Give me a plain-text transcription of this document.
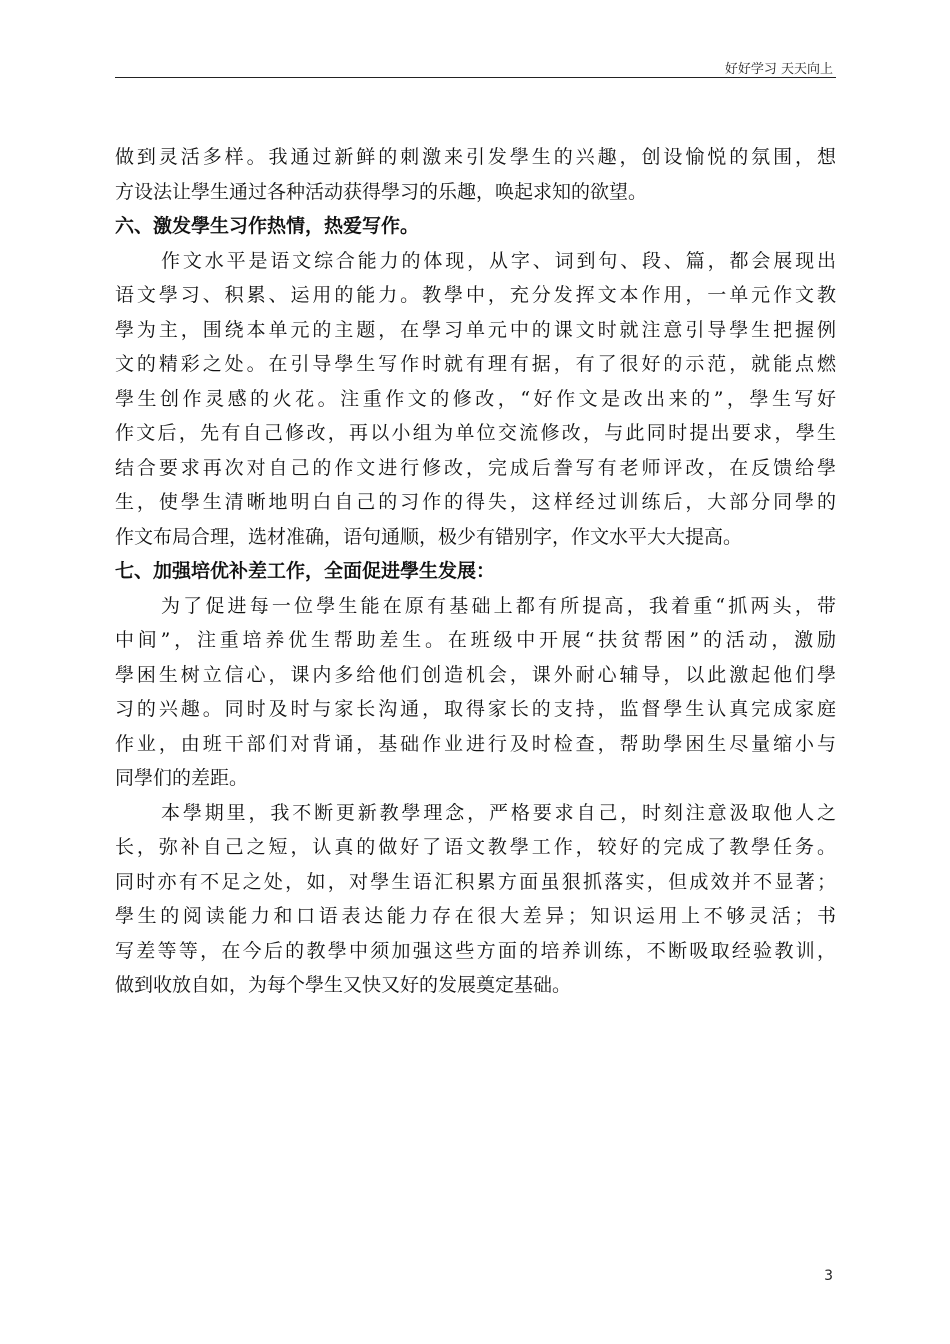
好好学习 天天向上
做到灵活多样。我通过新鲜的刺激来引发學生的兴趣，创设愉悦的氛围，想
方设法让學生通过各种活动获得學习的乐趣，唤起求知的欲望。
六、激发學生习作热情，热爱写作。
作文水平是语文综合能力的体现，从字、词到句、段、篇，都会展现出
语文學习、积累、运用的能力。教學中，充分发挥文本作用，一单元作文教
學为主，围绕本单元的主题，在學习单元中的课文时就注意引导學生把握例
文的精彩之处。在引导學生写作时就有理有据，有了很好的示范，就能点燃
學生创作灵感的火花。注重作文的修改，“好作文是改出来的”，學生写好
作文后，先有自己修改，再以小组为单位交流修改，与此同时提出要求，學生
结合要求再次对自己的作文进行修改，完成后誊写有老师评改，在反馈给學
生，使學生清晰地明白自己的习作的得失，这样经过训练后，大部分同學的
作文布局合理，选材准确，语句通顺，极少有错别字，作文水平大大提高。
七、加强培优补差工作，全面促进學生发展：
为了促进每一位學生能在原有基础上都有所提高，我着重“抓两头，带
中间”，注重培养优生帮助差生。在班级中开展“扶贫帮困”的活动，激励
學困生树立信心，课内多给他们创造机会，课外耐心辅导，以此激起他们學
习的兴趣。同时及时与家长沟通，取得家长的支持，监督學生认真完成家庭
作业，由班干部们对背诵，基础作业进行及时检查，帮助學困生尽量缩小与
同學们的差距。
本學期里，我不断更新教學理念，严格要求自己，时刻注意汲取他人之
长，弥补自己之短，认真的做好了语文教學工作，较好的完成了教學任务。
同时亦有不足之处，如，对學生语汇积累方面虽狠抓落实，但成效并不显著；
學生的阅读能力和口语表达能力存在很大差异；知识运用上不够灵活；书
写差等等，在今后的教學中须加强这些方面的培养训练，不断吸取经验教训，
做到收放自如，为每个學生又快又好的发展奠定基础。
3
